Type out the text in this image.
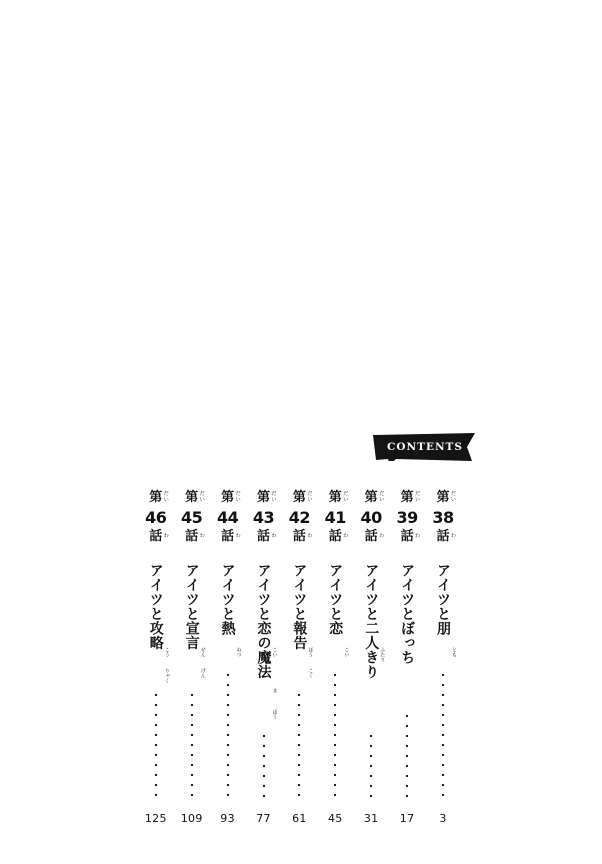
CONTENTS
第 だい
38
話 わ
アイツと朋
とも
3
第 だい
39
話 わ
アイツとぼっち
17
第 だい
40
話 わ
アイツと二人きり ふたり
31
第 だい
41
話 わ
アイツと恋
こい
45
第 だい
42
話 わ
アイツと報告
ほう
こく
61
第 だい
43
話 わ
アイツと恋の魔法 こい
ま
ほう
77
第 だい
44
話 わ
アイツと熱
ねつ
93
第 だい
45
話 わ
アイツと宣言
せん
げん
109
第 だい
46
話 わ
アイツと攻略
こう
りゃく
125
